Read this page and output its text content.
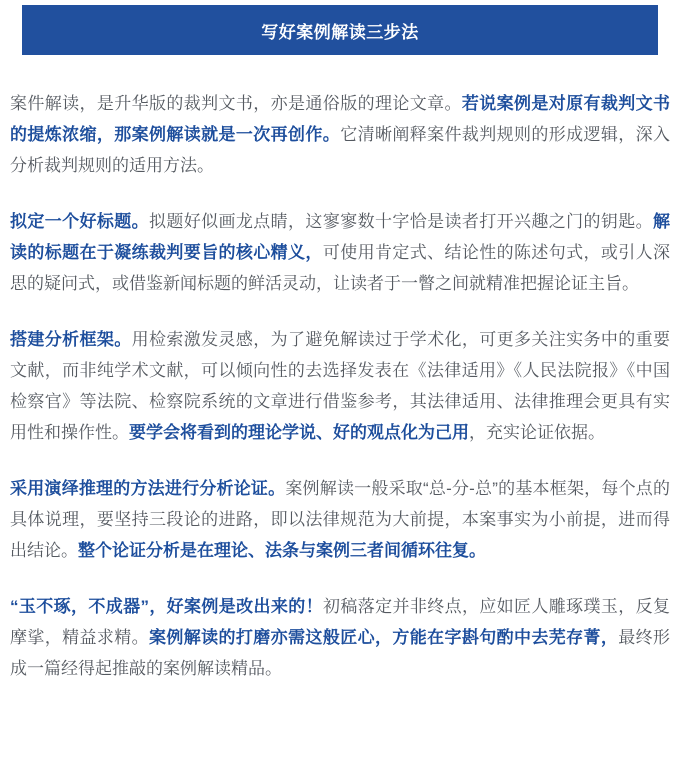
写好案例解读三步法

案件解读，是升华版的裁判文书，亦是通俗版的理论文章。若说案例是对原有裁判文书的提炼浓缩，那案例解读就是一次再创作。它清晰阐释案件裁判规则的形成逻辑，深入分析裁判规则的适用方法。

拟定一个好标题。拟题好似画龙点睛，这寥寥数十字恰是读者打开兴趣之门的钥匙。解读的标题在于凝练裁判要旨的核心精义，可使用肯定式、结论性的陈述句式，或引人深思的疑问式，或借鉴新闻标题的鲜活灵动，让读者于一瞥之间就精准把握论证主旨。

搭建分析框架。用检索激发灵感，为了避免解读过于学术化，可更多关注实务中的重要文献，而非纯学术文献，可以倾向性的去选择发表在《法律适用》《人民法院报》《中国检察官》等法院、检察院系统的文章进行借鉴参考，其法律适用、法律推理会更具有实用性和操作性。要学会将看到的理论学说、好的观点化为己用，充实论证依据。

采用演绎推理的方法进行分析论证。案例解读一般采取“总-分-总”的基本框架，每个点的具体说理，要坚持三段论的进路，即以法律规范为大前提，本案事实为小前提，进而得出结论。整个论证分析是在理论、法条与案例三者间循环往复。

“玉不琢，不成器”，好案例是改出来的！初稿落定并非终点，应如匠人雕琢璞玉，反复摩挲，精益求精。案例解读的打磨亦需这般匠心，方能在字斟句酌中去芜存菁，最终形成一篇经得起推敲的案例解读精品。
